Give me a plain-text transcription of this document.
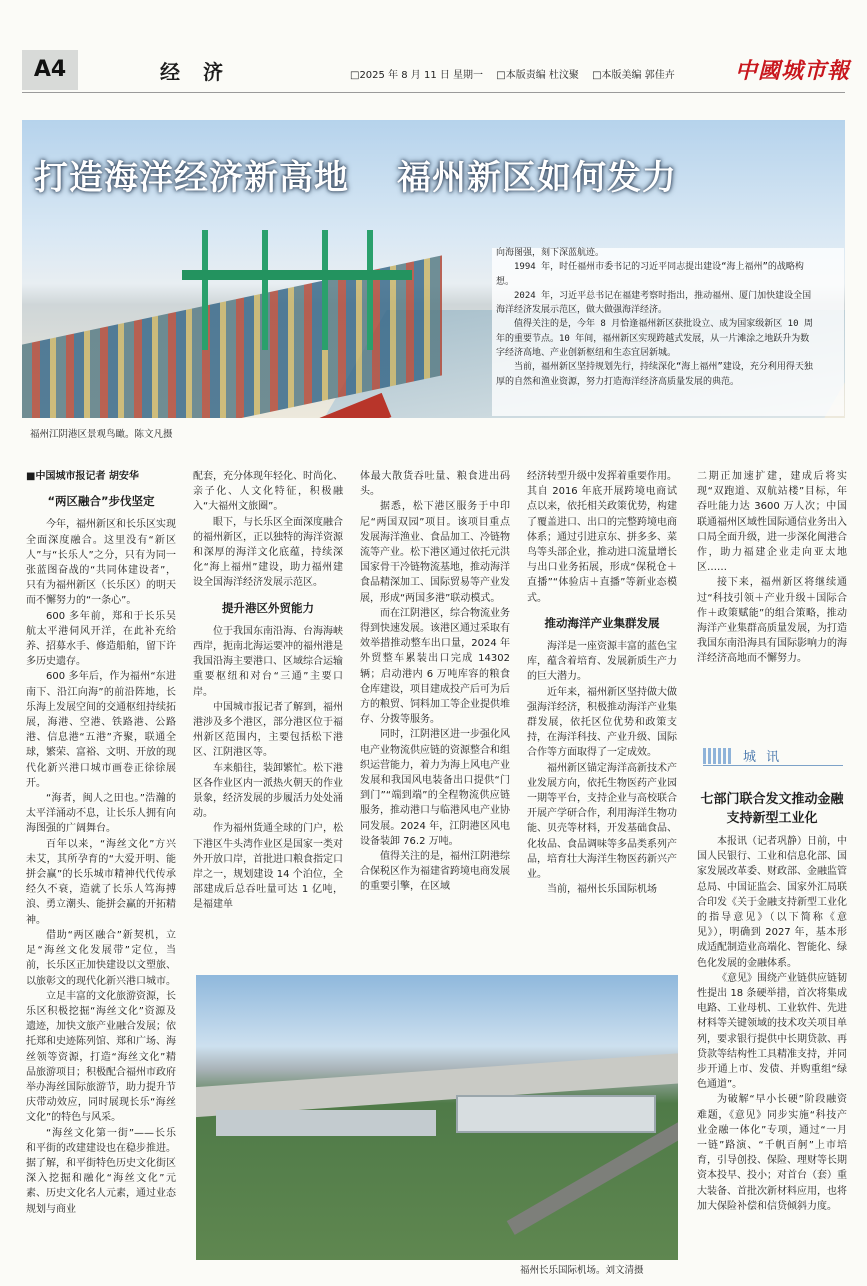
A4	经 济	□2025 年 8 月 11 日 星期一 □本版责编 杜汶聚 □本版美编 郭佳卉	中國城市報
打造海洋经济新高地 福州新区如何发力

向海图强，刻下深蓝航迹。

　　1994 年，时任福州市委书记的习近平同志提出建设“海上福州”的战略构想。

　　2024 年，习近平总书记在福建考察时指出，推动福州、厦门加快建设全国海洋经济发展示范区，做大做强海洋经济。

　　值得关注的是，今年 8 月恰逢福州新区获批设立、成为国家级新区 10 周年的重要节点。10 年间，福州新区实现跨越式发展，从一片滩涂之地跃升为数字经济高地、产业创新枢纽和生态宜居新城。

　　当前，福州新区坚持规划先行，持续深化“海上福州”建设，充分利用得天独厚的自然和渔业资源，努力打造海洋经济高质量发展的典范。

福州江阴港区景观鸟瞰。陈文凡摄

■中国城市报记者 胡安华

“两区融合”步伐坚定

今年，福州新区和长乐区实现全面深度融合。这里没有“新区人”与“长乐人”之分，只有为同一张蓝图奋战的“共同体建设者”，只有为福州新区（长乐区）的明天而不懈努力的“一条心”。

600 多年前，郑和于长乐吴航太平港伺风开洋，在此补充给养、招募水手、修造船舶，留下许多历史遗存。

600 多年后，作为福州“东进南下、沿江向海”的前沿阵地，长乐海上发展空间的交通枢纽持续拓展，海港、空港、铁路港、公路港、信息港“五港”齐聚，联通全球，繁荣、富裕、文明、开放的现代化新兴港口城市画卷正徐徐展开。

“海者，闽人之田也。”浩瀚的太平洋涌动不息，让长乐人拥有向海图强的广阔舞台。

百年以来，“海丝文化”方兴未艾，其所孕育的“大爱开明、能拼会赢”的长乐城市精神代代传承经久不衰，造就了长乐人笃海搏浪、勇立潮头、能拼会赢的开拓精神。

借助“两区融合”新契机，立足“海丝文化发展带”定位，当前，长乐区正加快建设以文塑旅、以旅彰文的现代化新兴港口城市。

立足丰富的文化旅游资源，长乐区积极挖掘“海丝文化”资源及遗迹，加快文旅产业融合发展；依托郑和史迹陈列馆、郑和广场、海丝领等资源，打造“海丝文化”精品旅游项目；积极配合福州市政府举办海丝国际旅游节，助力提升节庆带动效应，同时展现长乐“海丝文化”的特色与风采。

“海丝文化第一街”——长乐和平街的改建建设也在稳步推进。据了解，和平街特色历史文化街区深入挖掘和融化“海丝文化”元素、历史文化名人元素，通过业态规划与商业

配套，充分体现年轻化、时尚化、亲子化、人文化特征，积极融入“大福州文旅圈”。

眼下，与长乐区全面深度融合的福州新区，正以独特的海洋资源和深厚的海洋文化底蕴，持续深化“海上福州”建设，助力福州建设全国海洋经济发展示范区。

提升港区外贸能力

位于我国东南沿海、台海海峡西岸，扼南北海运要冲的福州港是我国沿海主要港口、区域综合运输重要枢纽和对台“三通”主要口岸。

中国城市报记者了解到，福州港涉及多个港区，部分港区位于福州新区范围内，主要包括松下港区、江阴港区等。

车来船往，装卸繁忙。松下港区各作业区内一派热火朝天的作业景象，经济发展的步履活力处处涌动。

作为福州货通全球的门户，松下港区牛头湾作业区是国家一类对外开放口岸，首批进口粮食指定口岸之一，规划建设 14 个泊位，全部建成后总吞吐量可达 1 亿吨，是福建单

体最大散货吞吐量、粮食进出码头。

据悉，松下港区服务于中印尼“两国双园”项目。该项目重点发展海洋渔业、食品加工、冷链物流等产业。松下港区通过依托元洪国家骨干冷链物流基地，推动海洋食品精深加工、国际贸易等产业发展，形成“两国多港”联动模式。

而在江阴港区，综合物流业务得到快速发展。该港区通过采取有效举措推动整车出口量，2024 年外贸整车累装出口完成 14302 辆；启动港内 6 万吨库容的粮食仓库建设，项目建成投产后可为后方的粮贸、饲料加工等企业提供堆存、分拨等服务。

同时，江阴港区进一步强化风电产业物流供应链的资源整合和组织运营能力，着力为海上风电产业发展和我国风电装备出口提供“门到门”“端到端”的全程物流供应链服务，推动港口与临港风电产业协同发展。2024 年，江阴港区风电设备装卸 76.2 万吨。

值得关注的是，福州江阴港综合保税区作为福建省跨境电商发展的重要引擎，在区域

经济转型升级中发挥着重要作用。其自 2016 年底开展跨境电商试点以来，依托相关政策优势，构建了覆盖进口、出口的完整跨境电商体系；通过引进京东、拼多多、菜鸟等头部企业，推动进口流量增长与出口业务拓展，形成“保税仓＋直播”“体验店＋直播”等新业态模式。

推动海洋产业集群发展

海洋是一座资源丰富的蓝色宝库，蕴含着培育、发展新质生产力的巨大潜力。

近年来，福州新区坚持做大做强海洋经济，积极推动海洋产业集群发展，依托区位优势和政策支持，在海洋科技、产业升级、国际合作等方面取得了一定成效。

福州新区锚定海洋高新技术产业发展方向，依托生物医药产业园一期等平台，支持企业与高校联合开展产学研合作，利用海洋生物功能、贝壳等材料，开发基础食品、化妆品、食品调味等多品类系列产品，培育壮大海洋生物医药新兴产业。

当前，福州长乐国际机场

二期正加速扩建，建成后将实现“双跑道、双航站楼”目标，年吞吐能力达 3600 万人次；中国联通福州区域性国际通信业务出入口局全面升级，进一步深化闽港合作，助力福建企业走向亚太地区……

接下来，福州新区将继续通过“科技引领＋产业升级＋国际合作＋政策赋能”的组合策略，推动海洋产业集群高质量发展，为打造我国东南沿海具有国际影响力的海洋经济高地而不懈努力。

城 讯
七部门联合发文推动金融支持新型工业化

本报讯（记者巩静）日前，中国人民银行、工业和信息化部、国家发展改革委、财政部、金融监管总局、中国证监会、国家外汇局联合印发《关于金融支持新型工业化的指导意见》（以下简称《意见》），明确到 2027 年，基本形成适配制造业高端化、智能化、绿色化发展的金融体系。

《意见》围绕产业链供应链韧性提出 18 条硬举措，首次将集成电路、工业母机、工业软件、先进材料等关键领域的技术攻关项目单列，要求银行提供中长期贷款、再贷款等结构性工具精准支持，并同步开通上市、发债、并购重组“绿色通道”。

为破解“早小长硬”阶段融资难题，《意见》同步实施“科技产业金融一体化”专项，通过“一月一链”路演、“千帆百舸”上市培育，引导创投、保险、理财等长期资本投早、投小；对首台（套）重大装备、首批次新材料应用，也将加大保险补偿和信贷倾斜力度。

福州长乐国际机场。刘文清摄
